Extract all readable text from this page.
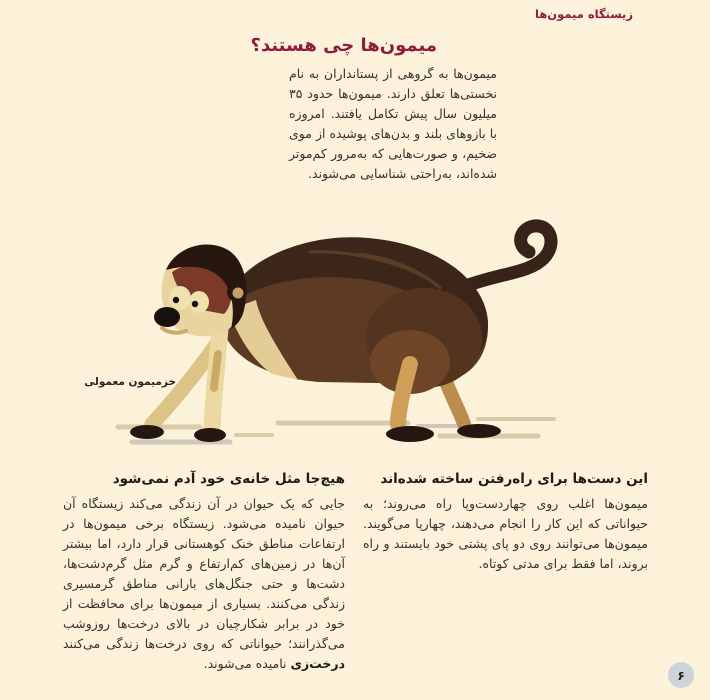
زیستگاه میمون‌ها
میمون‌ها چی هستند؟
میمون‌ها به گروهی از پستانداران به نام نخستی‌ها تعلق دارند. میمون‌ها حدود ۳۵ میلیون سال پیش تکامل یافتند. امروزه با بازوهای بلند و بدن‌های پوشیده از موی ضخیم، و صورت‌هایی که به‌مرور کم‌موتر شده‌اند، به‌راحتی شناسایی می‌شوند.
خزمیمون معمولی
هیچ‌جا مثل خانه‌ی خود آدم نمی‌شود

جایی که یک حیوان در آن زندگی می‌کند زیستگاه آن حیوان نامیده می‌شود. زیستگاه برخی میمون‌ها در ارتفاعات مناطق خنک کوهستانی قرار دارد، اما بیشتر آن‌ها در زمین‌های کم‌ارتفاع و گرم مثل گرم‌دشت‌ها، دشت‌ها و حتی جنگل‌های بارانی مناطق گرمسیری زندگی می‌کنند. بسیاری از میمون‌ها برای محافظت از خود در برابر شکارچیان در بالای درخت‌ها روزوشب می‌گذرانند؛ حیواناتی که روی درخت‌ها زندگی می‌کنند درخت‌زی نامیده می‌شوند.

این دست‌ها برای راه‌رفتن ساخته شده‌اند

میمون‌ها اغلب روی چهاردست‌وپا راه می‌روند؛ به حیواناتی که این کار را انجام می‌دهند، چهارپا می‌گویند. میمون‌ها می‌توانند روی دو پای پشتی خود بایستند و راه بروند، اما فقط برای مدتی کوتاه.

۶
